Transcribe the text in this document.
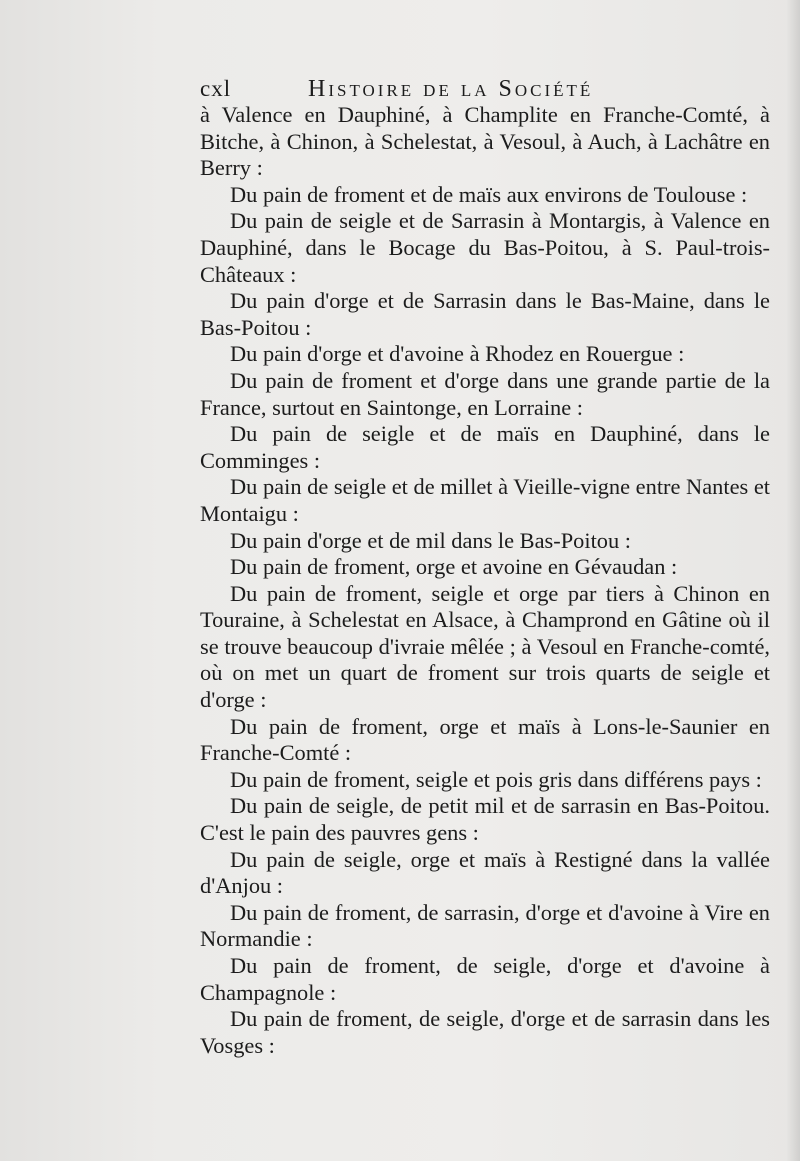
cxl	Histoire de la Société
à Valence en Dauphiné, à Champlite en Franche-Comté, à Bitche, à Chinon, à Schelestat, à Vesoul, à Auch, à Lachâtre en Berry :
Du pain de froment et de maïs aux environs de Toulouse :
Du pain de seigle et de Sarrasin à Montargis, à Valence en Dauphiné, dans le Bocage du Bas-Poitou, à S. Paul-trois-Châteaux :
Du pain d'orge et de Sarrasin dans le Bas-Maine, dans le Bas-Poitou :
Du pain d'orge et d'avoine à Rhodez en Rouergue :
Du pain de froment et d'orge dans une grande partie de la France, surtout en Saintonge, en Lorraine :
Du pain de seigle et de maïs en Dauphiné, dans le Comminges :
Du pain de seigle et de millet à Vieille-vigne entre Nantes et Montaigu :
Du pain d'orge et de mil dans le Bas-Poitou :
Du pain de froment, orge et avoine en Gévaudan :
Du pain de froment, seigle et orge par tiers à Chinon en Touraine, à Schelestat en Alsace, à Champrond en Gâtine où il se trouve beaucoup d'ivraie mêlée ; à Vesoul en Franche-comté, où on met un quart de froment sur trois quarts de seigle et d'orge :
Du pain de froment, orge et maïs à Lons-le-Saunier en Franche-Comté :
Du pain de froment, seigle et pois gris dans différens pays :
Du pain de seigle, de petit mil et de sarrasin en Bas-Poitou. C'est le pain des pauvres gens :
Du pain de seigle, orge et maïs à Restigné dans la vallée d'Anjou :
Du pain de froment, de sarrasin, d'orge et d'avoine à Vire en Normandie :
Du pain de froment, de seigle, d'orge et d'avoine à Champagnole :
Du pain de froment, de seigle, d'orge et de sarrasin dans les Vosges :
